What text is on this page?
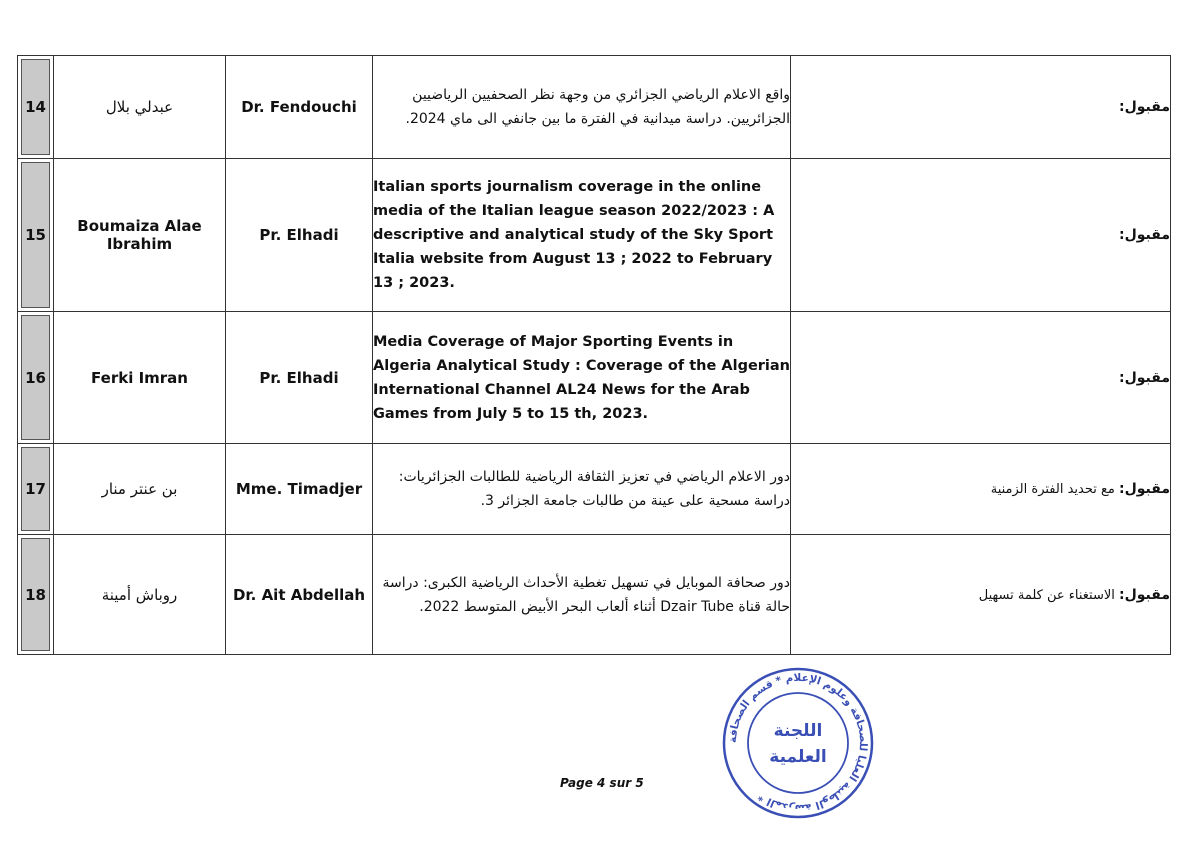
14	عبدلي بلال	Dr. Fendouchi	واقع الاعلام الرياضي الجزائري من وجهة نظر الصحفيين الرياضيين الجزائريين. دراسة ميدانية في الفترة ما بين جانفي الى ماي 2024.	مقبول:
15	Boumaiza Alae Ibrahim	Pr. Elhadi	Italian sports journalism coverage in the online media of the Italian league season 2022/2023 : A descriptive and analytical study of the Sky Sport Italia website from August 13 ; 2022 to February 13 ; 2023.	مقبول:
16	Ferki Imran	Pr. Elhadi	Media Coverage of Major Sporting Events in Algeria Analytical Study : Coverage of the Algerian International Channel AL24 News for the Arab Games from July 5 to 15 th, 2023.	مقبول:
17	بن عنتر منار	Mme. Timadjer	دور الاعلام الرياضي في تعزيز الثقافة الرياضية للطالبات الجزائريات: دراسة مسحية على عينة من طالبات جامعة الجزائر 3.	مقبول: مع تحديد الفترة الزمنية
18	روباش أمينة	Dr. Ait Abdellah	دور صحافة الموبايل في تسهيل تغطية الأحداث الرياضية الكبرى: دراسة حالة قناة Dzair Tube أثناء ألعاب البحر الأبيض المتوسط 2022.	مقبول: الاستغناء عن كلمة تسهيل
المدرسة الوطنية العليا للصحافة وعلوم الإعلام * قسم الصحافة *
اللجنة
العلمية
Page 4 sur 5
